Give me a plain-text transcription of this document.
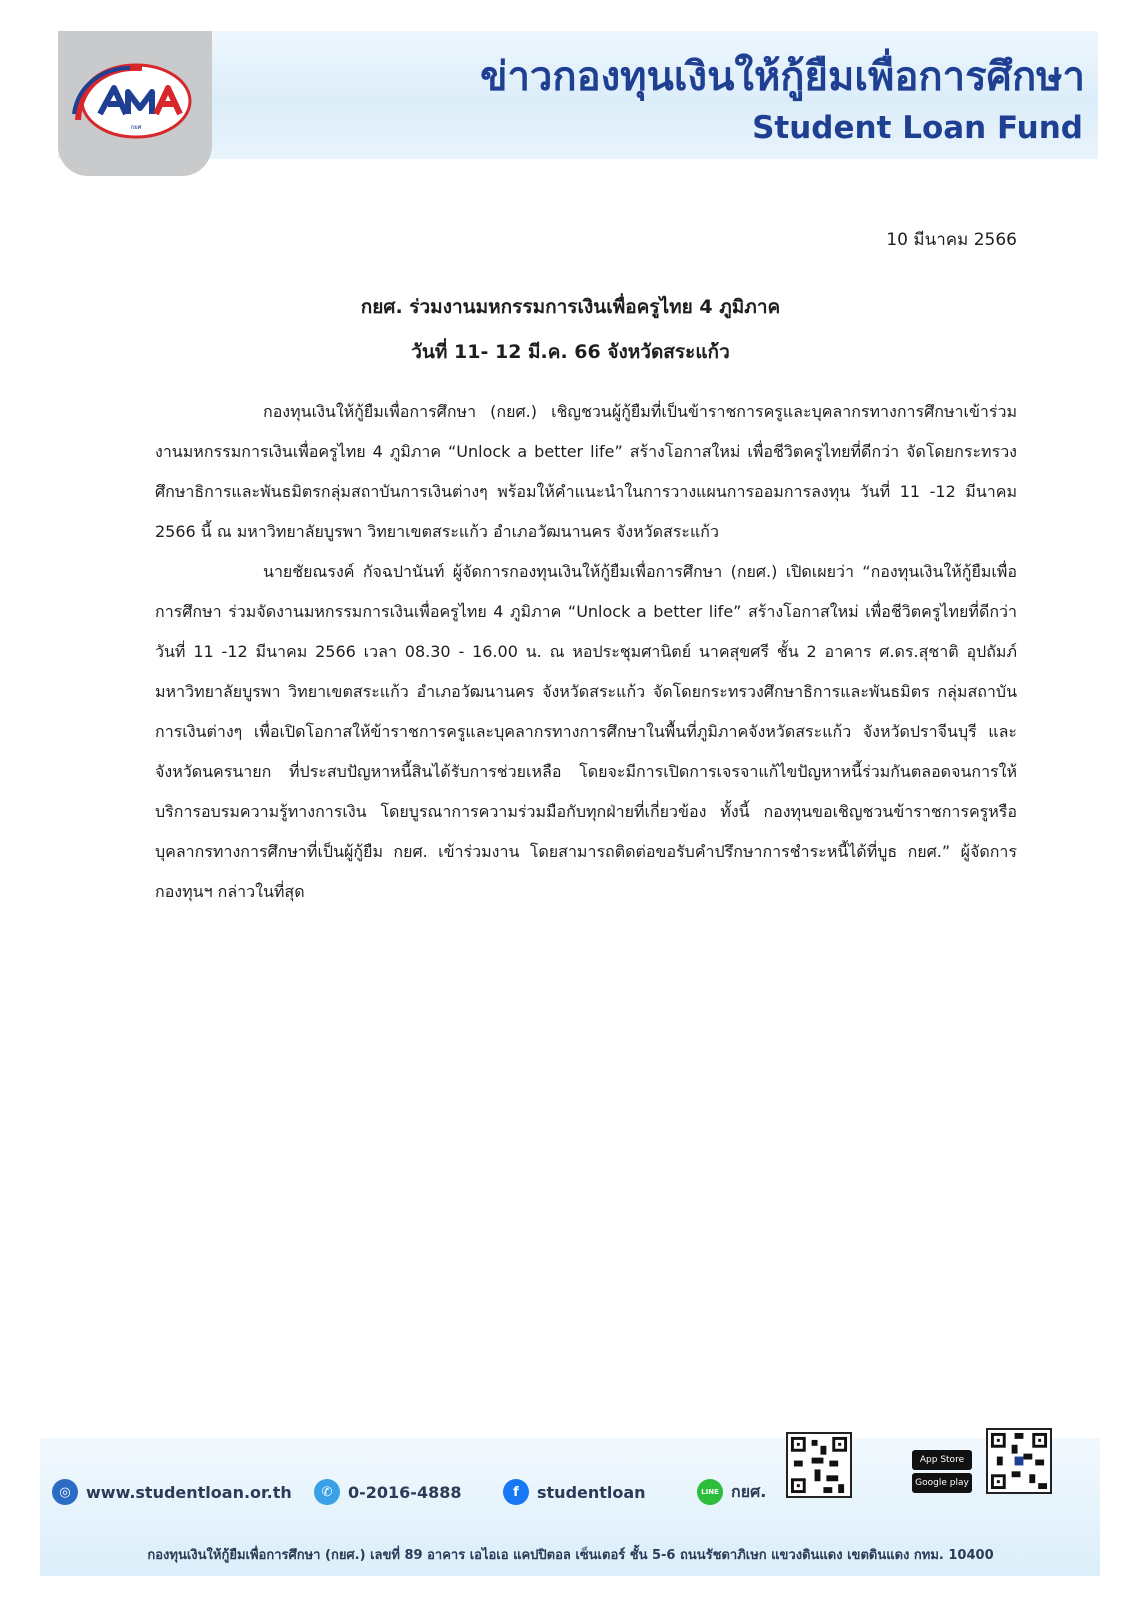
กยศ
ข่าวกองทุนเงินให้กู้ยืมเพื่อการศึกษา
Student Loan Fund
10 มีนาคม 2566
กยศ. ร่วมงานมหกรรมการเงินเพื่อครูไทย 4 ภูมิภาค
วันที่ 11- 12 มี.ค. 66 จังหวัดสระแก้ว

กองทุนเงินให้กู้ยืมเพื่อการศึกษา (กยศ.) เชิญชวนผู้กู้ยืมที่เป็นข้าราชการครูและบุคลากรทางการศึกษาเข้าร่วมงานมหกรรมการเงินเพื่อครูไทย 4 ภูมิภาค “Unlock a better life” สร้างโอกาสใหม่ เพื่อชีวิตครูไทยที่ดีกว่า จัดโดยกระทรวงศึกษาธิการและพันธมิตรกลุ่มสถาบันการเงินต่างๆ พร้อมให้คำแนะนำในการวางแผนการออมการลงทุน วันที่ 11 -12 มีนาคม 2566 นี้ ณ มหาวิทยาลัยบูรพา วิทยาเขตสระแก้ว อำเภอวัฒนานคร จังหวัดสระแก้ว

นายชัยณรงค์ กัจฉปานันท์ ผู้จัดการกองทุนเงินให้กู้ยืมเพื่อการศึกษา (กยศ.) เปิดเผยว่า “กองทุนเงินให้กู้ยืมเพื่อการศึกษา ร่วมจัดงานมหกรรมการเงินเพื่อครูไทย 4 ภูมิภาค “Unlock a better life” สร้างโอกาสใหม่ เพื่อชีวิตครูไทยที่ดีกว่า วันที่ 11 -12 มีนาคม 2566 เวลา 08.30 - 16.00 น. ณ หอประชุมศานิตย์ นาคสุขศรี ชั้น 2 อาคาร ศ.ดร.สุชาติ อุปถัมภ์ มหาวิทยาลัยบูรพา วิทยาเขตสระแก้ว อำเภอวัฒนานคร จังหวัดสระแก้ว จัดโดยกระทรวงศึกษาธิการและพันธมิตร กลุ่มสถาบันการเงินต่างๆ เพื่อเปิดโอกาสให้ข้าราชการครูและบุคลากรทางการศึกษาในพื้นที่ภูมิภาคจังหวัดสระแก้ว จังหวัดปราจีนบุรี และจังหวัดนครนายก ที่ประสบปัญหาหนี้สินได้รับการช่วยเหลือ โดยจะมีการเปิดการเจรจาแก้ไขปัญหาหนี้ร่วมกันตลอดจนการให้บริการอบรมความรู้ทางการเงิน โดยบูรณาการความร่วมมือกับทุกฝ่ายที่เกี่ยวข้อง ทั้งนี้ กองทุนขอเชิญชวนข้าราชการครูหรือบุคลากรทางการศึกษาที่เป็นผู้กู้ยืม กยศ. เข้าร่วมงาน โดยสามารถติดต่อขอรับคำปรึกษาการชำระหนี้ได้ที่บูธ กยศ.” ผู้จัดการกองทุนฯ กล่าวในที่สุด

◎ www.studentloan.or.th	✆ 0-2016-4888	f	studentloan	LINE กยศ.
App Store
Google play
กองทุนเงินให้กู้ยืมเพื่อการศึกษา (กยศ.) เลขที่ 89 อาคาร เอไอเอ แคปปิตอล เซ็นเตอร์ ชั้น 5-6 ถนนรัชดาภิเษก แขวงดินแดง เขตดินแดง กทม. 10400
